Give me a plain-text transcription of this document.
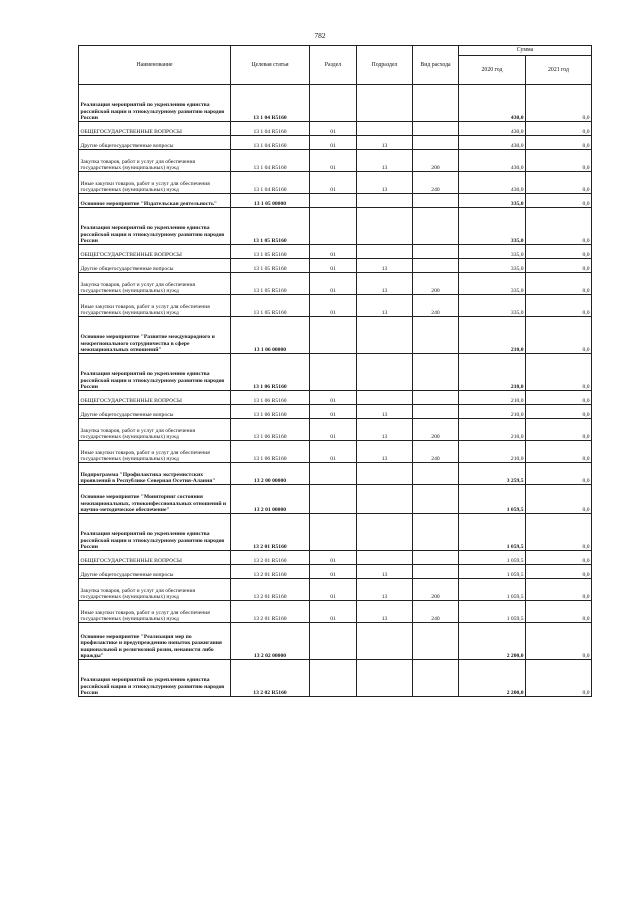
782
Наименование	Целевая статья	Раздел	Подраздел	Вид расхода	Сумма	
					2020 год	2021 год
Реализация мероприятий по укреплению единства российской нации и этнокультурному развитию народов России	13 1 04 R5160				430,0	0,0
ОБЩЕГОСУДАРСТВЕННЫЕ ВОПРОСЫ	13 1 04 R5160	01			430,0	0,0
Другие общегосударственные вопросы	13 1 04 R5160	01	13		430,0	0,0
Закупка товаров, работ и услуг для обеспечения государственных (муниципальных) нужд	13 1 04 R5160	01	13	200	430,0	0,0
Иные закупки товаров, работ и услуг для обеспечения государственных (муниципальных) нужд	13 1 04 R5160	01	13	240	430,0	0,0
Основное мероприятие "Издательская деятельность"	13 1 05 00000				335,0	0,0
Реализация мероприятий по укреплению единства российской нации и этнокультурному развитию народов России	13 1 05 R5160				335,0	0,0
ОБЩЕГОСУДАРСТВЕННЫЕ ВОПРОСЫ	13 1 05 R5160	01			335,0	0,0
Другие общегосударственные вопросы	13 1 05 R5160	01	13		335,0	0,0
Закупка товаров, работ и услуг для обеспечения государственных (муниципальных) нужд	13 1 05 R5160	01	13	200	335,0	0,0
Иные закупки товаров, работ и услуг для обеспечения государственных (муниципальных) нужд	13 1 05 R5160	01	13	240	335,0	0,0
Основное мероприятие "Развитие международного и межрегионального сотрудничества в сфере межнациональных отношений"	13 1 06 00000				210,0	0,0
Реализация мероприятий по укреплению единства российской нации и этнокультурному развитию народов России	13 1 06 R5160				210,0	0,0
ОБЩЕГОСУДАРСТВЕННЫЕ ВОПРОСЫ	13 1 06 R5160	01			210,0	0,0
Другие общегосударственные вопросы	13 1 06 R5160	01	13		210,0	0,0
Закупка товаров, работ и услуг для обеспечения государственных (муниципальных) нужд	13 1 06 R5160	01	13	200	210,0	0,0
Иные закупки товаров, работ и услуг для обеспечения государственных (муниципальных) нужд	13 1 06 R5160	01	13	240	210,0	0,0
Подпрограмма "Профилактика экстремистских проявлений в Республике Северная Осетия-Алания"	13 2 00 00000				3 259,5	0,0
Основное мероприятие "Мониторинг состояния межнациональных, этноконфессиональных отношений и научно-методическое обеспечение"	13 2 01 00000				1 059,5	0,0
Реализация мероприятий по укреплению единства российской нации и этнокультурному развитию народов России	13 2 01 R5160				1 059,5	0,0
ОБЩЕГОСУДАРСТВЕННЫЕ ВОПРОСЫ	13 2 01 R5160	01			1 059,5	0,0
Другие общегосударственные вопросы	13 2 01 R5160	01	13		1 059,5	0,0
Закупка товаров, работ и услуг для обеспечения государственных (муниципальных) нужд	13 2 01 R5160	01	13	200	1 059,5	0,0
Иные закупки товаров, работ и услуг для обеспечения государственных (муниципальных) нужд	13 2 01 R5160	01	13	240	1 059,5	0,0
Основное мероприятие "Реализация мер по профилактике и предупреждению попыток разжигания национальной и религиозной розни, ненависти либо вражды"	13 2 02 00000				2 200,0	0,0
Реализация мероприятий по укреплению единства российской нации и этнокультурному развитию народов России	13 2 02 R5160				2 200,0	0,0
